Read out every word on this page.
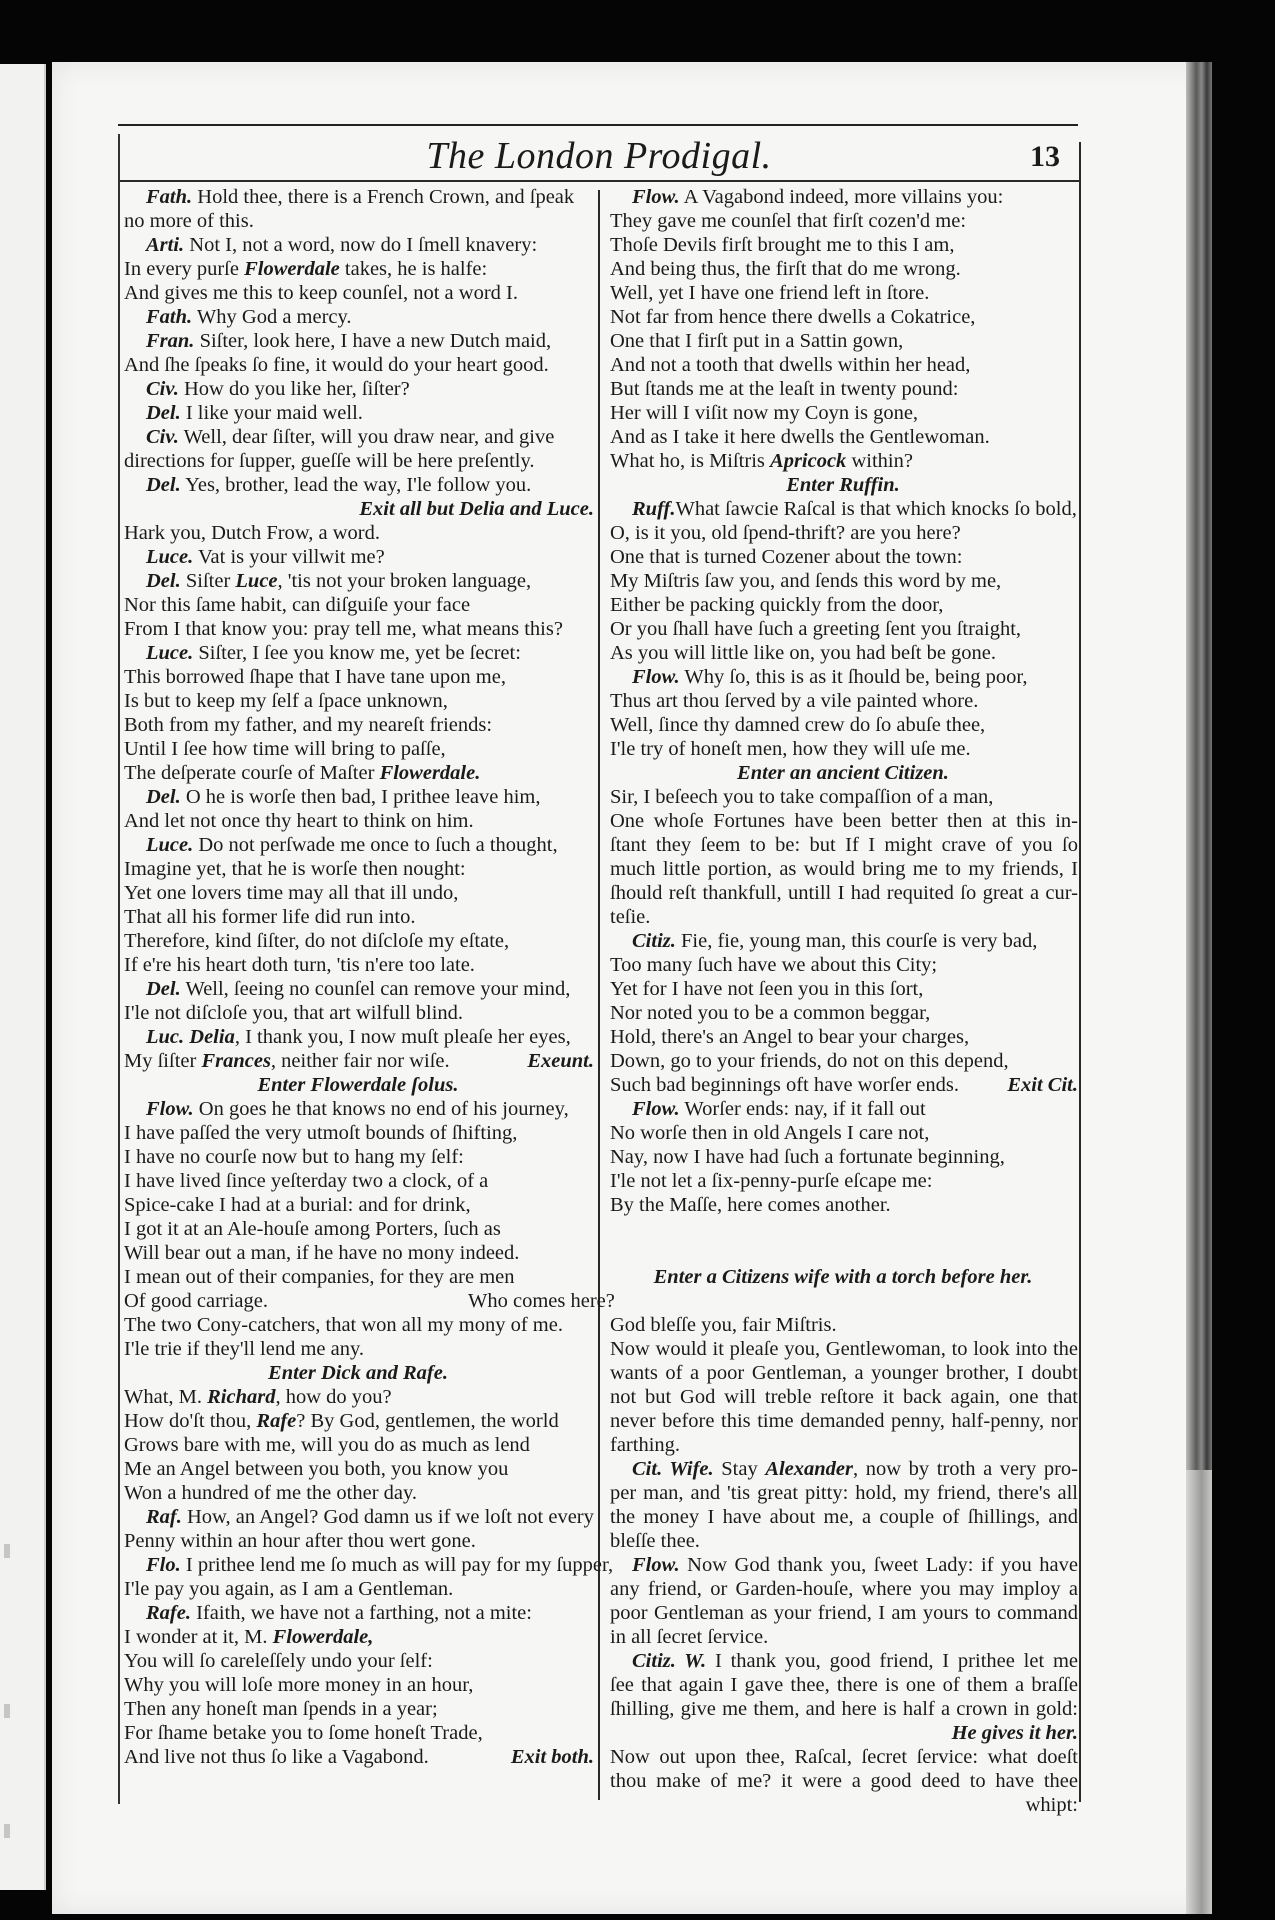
The London Prodigal.	13
Fath. Hold thee, there is a French Crown, and ſpeak
no more of this.
Arti. Not I, not a word, now do I ſmell knavery:
In every purſe Flowerdale takes, he is halfe:
And gives me this to keep counſel, not a word I.
Fath. Why God a mercy.
Fran. Siſter, look here, I have a new Dutch maid,
And ſhe ſpeaks ſo fine, it would do your heart good.
Civ. How do you like her, ſiſter?
Del. I like your maid well.
Civ. Well, dear ſiſter, will you draw near, and give
directions for ſupper, gueſſe will be here preſently.
Del. Yes, brother, lead the way, I'le follow you.
Exit all but Delia and Luce.
Hark you, Dutch Frow, a word.
Luce. Vat is your villwit me?
Del. Siſter Luce, 'tis not your broken language,
Nor this ſame habit, can diſguiſe your face
From I that know you: pray tell me, what means this?
Luce. Siſter, I ſee you know me, yet be ſecret:
This borrowed ſhape that I have tane upon me,
Is but to keep my ſelf a ſpace unknown,
Both from my father, and my neareſt friends:
Until I ſee how time will bring to paſſe,
The deſperate courſe of Maſter Flowerdale.
Del. O he is worſe then bad, I prithee leave him,
And let not once thy heart to think on him.
Luce. Do not perſwade me once to ſuch a thought,
Imagine yet, that he is worſe then nought:
Yet one lovers time may all that ill undo,
That all his former life did run into.
Therefore, kind ſiſter, do not diſcloſe my eſtate,
If e're his heart doth turn, 'tis n'ere too late.
Del. Well, ſeeing no counſel can remove your mind,
I'le not diſcloſe you, that art wilfull blind.
Luc. Delia, I thank you, I now muſt pleaſe her eyes,
My ſiſter Frances, neither fair nor wiſe.	Exeunt.
Enter Flowerdale ſolus.
Flow. On goes he that knows no end of his journey,
I have paſſed the very utmoſt bounds of ſhifting,
I have no courſe now but to hang my ſelf:
I have lived ſince yeſterday two a clock, of a
Spice-cake I had at a burial: and for drink,
I got it at an Ale-houſe among Porters, ſuch as
Will bear out a man, if he have no mony indeed.
I mean out of their companies, for they are men
Of good carriage.	Who comes here?
The two Cony-catchers, that won all my mony of me.
I'le trie if they'll lend me any.
Enter Dick and Rafe.
What, M. Richard, how do you?
How do'ſt thou, Rafe? By God, gentlemen, the world
Grows bare with me, will you do as much as lend
Me an Angel between you both, you know you
Won a hundred of me the other day.
Raf. How, an Angel? God damn us if we loſt not every
Penny within an hour after thou wert gone.
Flo. I prithee lend me ſo much as will pay for my ſupper,
I'le pay you again, as I am a Gentleman.
Rafe. Ifaith, we have not a farthing, not a mite:
I wonder at it, M. Flowerdale,
You will ſo careleſſely undo your ſelf:
Why you will loſe more money in an hour,
Then any honeſt man ſpends in a year;
For ſhame betake you to ſome honeſt Trade,
And live not thus ſo like a Vagabond.	Exit both.
Flow. A Vagabond indeed, more villains you:
They gave me counſel that firſt cozen'd me:
Thoſe Devils firſt brought me to this I am,
And being thus, the firſt that do me wrong.
Well, yet I have one friend left in ſtore.
Not far from hence there dwells a Cokatrice,
One that I firſt put in a Sattin gown,
And not a tooth that dwells within her head,
But ſtands me at the leaſt in twenty pound:
Her will I viſit now my Coyn is gone,
And as I take it here dwells the Gentlewoman.
What ho, is Miſtris Apricock within?
Enter Ruffin.
Ruff.What ſawcie Raſcal is that which knocks ſo bold,
O, is it you, old ſpend-thrift? are you here?
One that is turned Cozener about the town:
My Miſtris ſaw you, and ſends this word by me,
Either be packing quickly from the door,
Or you ſhall have ſuch a greeting ſent you ſtraight,
As you will little like on, you had beſt be gone.
Flow. Why ſo, this is as it ſhould be, being poor,
Thus art thou ſerved by a vile painted whore.
Well, ſince thy damned crew do ſo abuſe thee,
I'le try of honeſt men, how they will uſe me.
Enter an ancient Citizen.
Sir, I beſeech you to take compaſſion of a man,
One whoſe Fortunes have been better then at this in-
ſtant they ſeem to be: but If I might crave of you ſo
much little portion, as would bring me to my friends, I
ſhould reſt thankfull, untill I had requited ſo great a cur-
teſie.
Citiz. Fie, fie, young man, this courſe is very bad,
Too many ſuch have we about this City;
Yet for I have not ſeen you in this ſort,
Nor noted you to be a common beggar,
Hold, there's an Angel to bear your charges,
Down, go to your friends, do not on this depend,
Such bad beginnings oft have worſer ends. Exit Cit.
Flow. Worſer ends: nay, if it fall out
No worſe then in old Angels I care not,
Nay, now I have had ſuch a fortunate beginning,
I'le not let a ſix-penny-purſe eſcape me:
By the Maſſe, here comes another.
Enter a Citizens wife with a torch before her.
God bleſſe you, fair Miſtris.
Now would it pleaſe you, Gentlewoman, to look into the
wants of a poor Gentleman, a younger brother, I doubt
not but God will treble reſtore it back again, one that
never before this time demanded penny, half-penny, nor
farthing.
Cit. Wife. Stay Alexander, now by troth a very pro-
per man, and 'tis great pitty: hold, my friend, there's all
the money I have about me, a couple of ſhillings, and
bleſſe thee.
Flow. Now God thank you, ſweet Lady: if you have
any friend, or Garden-houſe, where you may imploy a
poor Gentleman as your friend, I am yours to command
in all ſecret ſervice.
Citiz. W. I thank you, good friend, I prithee let me
ſee that again I gave thee, there is one of them a braſſe
ſhilling, give me them, and here is half a crown in gold:
He gives it her.
Now out upon thee, Raſcal, ſecret ſervice: what doeſt
thou make of me? it were a good deed to have thee
whipt:
